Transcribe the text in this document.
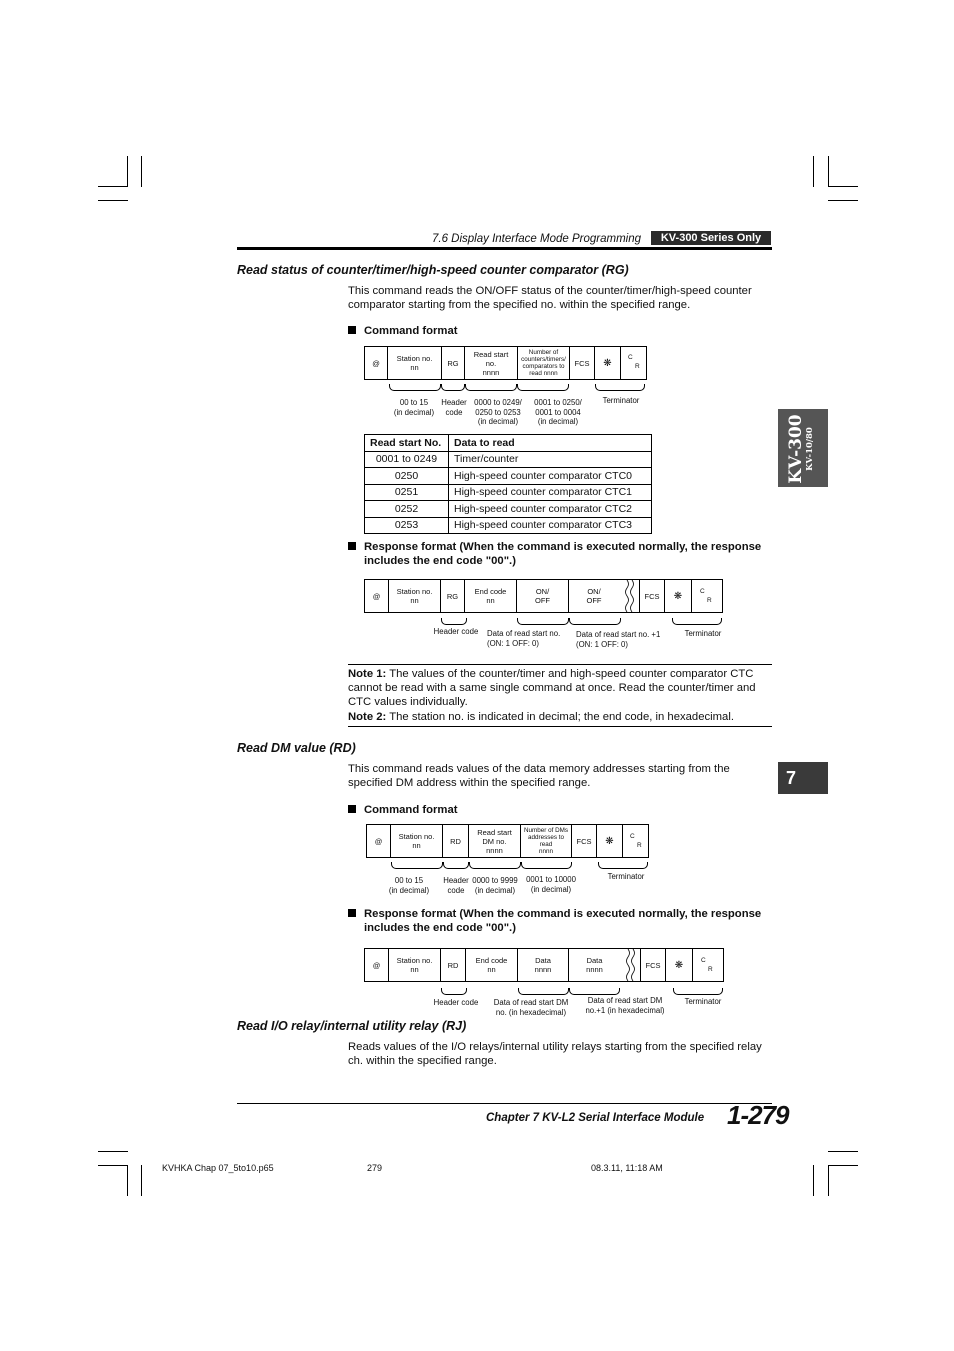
7.6 Display Interface Mode Programming	KV-300 Series Only
KV-300 KV-10/80
7
Read status of counter/timer/high-speed counter comparator (RG)
This command reads the ON/OFF status of the counter/timer/high-speed counter comparator starting from the specified no. within the specified range.
Command format
@	Station no.
nn	RG
Read start
no.
nnnn
Number of
counters/timers/
comparators to
read nnnn
FCS	❋	C
R
00 to 15
(in decimal)
Header
code
0000 to 0249/
0250 to 0253
(in decimal)
0001 to 0250/
0001 to 0004
(in decimal)
Terminator
Read start No.	Data to read
0001 to 0249	Timer/counter
0250	High-speed counter comparator CTC0
0251	High-speed counter comparator CTC1
0252	High-speed counter comparator CTC2
0253	High-speed counter comparator CTC3
Response format (When the command is executed normally, the response includes the end code "00".)
@	Station no.
nn	RG	End code
nn
ON/
OFF
ON/
OFF	FCS	❋	C
R
Header code	Data of read start no.
(ON: 1 OFF: 0)
Data of read start no. +1
(ON: 1 OFF: 0)
Terminator
Note 1: The values of the counter/timer and high-speed counter comparator CTC cannot be read with a same single command at once. Read the counter/timer and CTC values individually.
Note 2: The station no. is indicated in decimal; the end code, in hexadecimal.
Read DM value (RD)
This command reads values of the data memory addresses starting from the specified DM address within the specified range.
Command format
@	Station no.
nn	RD
Read start
DM no.
nnnn
Number of DMs
addresses to
read
nnnn
FCS	❋	C
R
00 to 15
(in decimal)
Header
code
0000 to 9999
(in decimal)
0001 to 10000
(in decimal)
Terminator
Response format (When the command is executed normally, the response includes the end code "00".)
@	Station no.
nn	RD	End code
nn
Data
nnnn
Data
nnnn	FCS	❋	C
R
Header code	Data of read start DM
no. (in hexadecimal)
Data of read start DM
no.+1 (in hexadecimal)
Terminator
Read I/O relay/internal utility relay (RJ)
Reads values of the I/O relays/internal utility relays starting from the specified relay ch. within the specified range.
Chapter 7 KV-L2 Serial Interface Module 1-279
KVHKA Chap 07_5to10.p65	279	08.3.11, 11:18 AM
